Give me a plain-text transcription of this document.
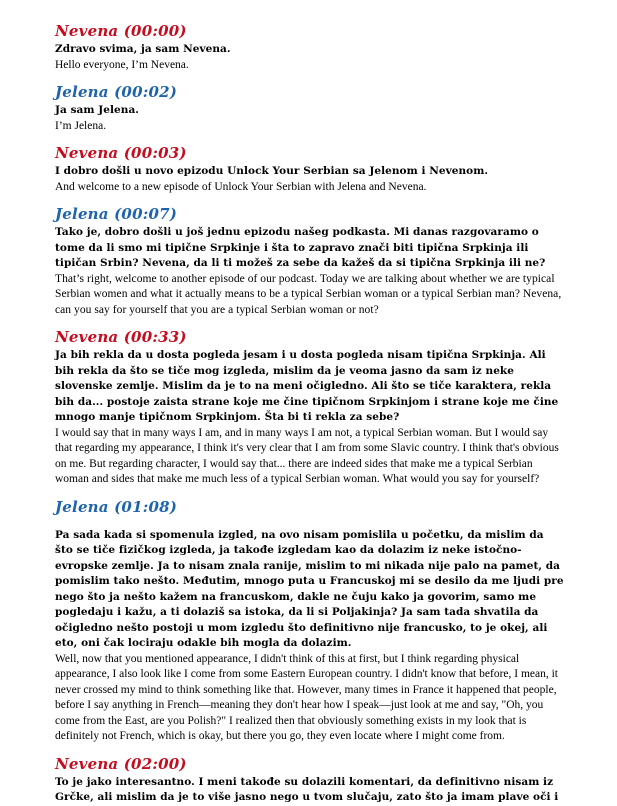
Nevena (00:00)

Zdravo svima, ja sam Nevena.

Hello everyone, I’m Nevena.

Jelena (00:02)

Ja sam Jelena.

I’m Jelena.

Nevena (00:03)

I dobro došli u novo epizodu Unlock Your Serbian sa Jelenom i Nevenom.

And welcome to a new episode of Unlock Your Serbian with Jelena and Nevena.

Jelena (00:07)

Tako je, dobro došli u još jednu epizodu našeg podkasta. Mi danas razgovaramo o tome da li smo mi tipične Srpkinje i šta to zapravo znači biti tipična Srpkinja ili tipičan Srbin? Nevena, da li ti možeš za sebe da kažeš da si tipična Srpkinja ili ne? That’s right, welcome to another episode of our podcast. Today we are talking about whether we are typical Serbian women and what it actually means to be a typical Serbian woman or a typical Serbian man? Nevena, can you say for yourself that you are a typical Serbian woman or not?

Nevena (00:33)

Ja bih rekla da u dosta pogleda jesam i u dosta pogleda nisam tipična Srpkinja. Ali bih rekla da što se tiče mog izgleda, mislim da je veoma jasno da sam iz neke slovenske zemlje. Mislim da je to na meni očigledno. Ali što se tiče karaktera, rekla bih da... postoje zaista strane koje me čine tipičnom Srpkinjom i strane koje me čine mnogo manje tipičnom Srpkinjom. Šta bi ti rekla za sebe?

I would say that in many ways I am, and in many ways I am not, a typical Serbian woman. But I would say that regarding my appearance, I think it's very clear that I am from some Slavic country. I think that's obvious on me. But regarding character, I would say that... there are indeed sides that make me a typical Serbian woman and sides that make me much less of a typical Serbian woman. What would you say for yourself?

Jelena (01:08)

Pa sada kada si spomenula izgled, na ovo nisam pomislila u početku, da mislim da što se tiče fizičkog izgleda, ja takođe izgledam kao da dolazim iz neke istočno-evropske zemlje. Ja to nisam znala ranije, mislim to mi nikada nije palo na pamet, da pomislim tako nešto. Međutim, mnogo puta u Francuskoj mi se desilo da me ljudi pre nego što ja nešto kažem na francuskom, dakle ne čuju kako ja govorim, samo me pogledaju i kažu, a ti dolaziš sa istoka, da li si Poljakinja? Ja sam tada shvatila da očigledno nešto postoji u mom izgledu što definitivno nije francusko, to je okej, ali eto, oni čak lociraju odakle bih mogla da dolazim.

Well, now that you mentioned appearance, I didn't think of this at first, but I think regarding physical appearance, I also look like I come from some Eastern European country. I didn't know that before, I mean, it never crossed my mind to think something like that. However, many times in France it happened that people, before I say anything in French—meaning they don't hear how I speak—just look at me and say, "Oh, you come from the East, are you Polish?" I realized then that obviously something exists in my look that is definitely not French, which is okay, but there you go, they even locate where I might come from.

Nevena (02:00)

To je jako interesantno. I meni takođe su dolazili komentari, da definitivno nisam iz Grčke, ali mislim da je to više jasno nego u tvom slučaju, zato što ja imam plave oči i
